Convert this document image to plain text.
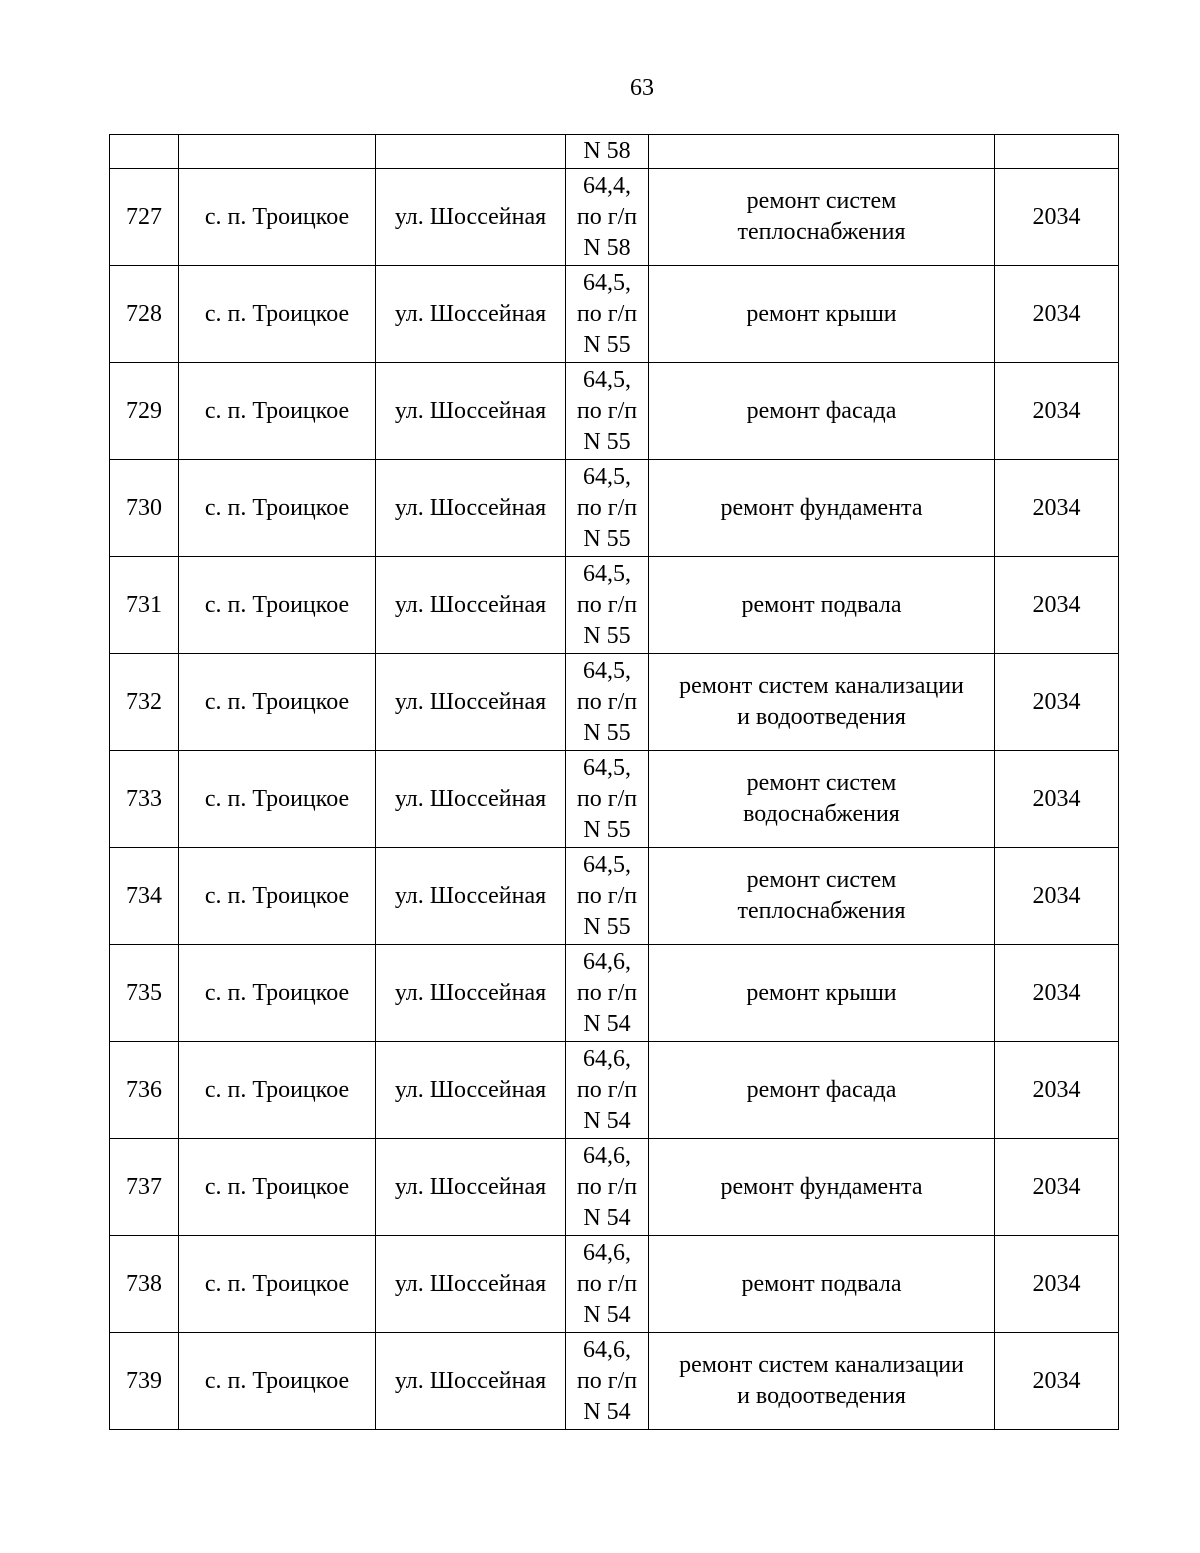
63
			N 58		
727	с. п. Троицкое	ул. Шоссейная	64,4,
по г/п
N 58	ремонт систем
теплоснабжения	2034
728	с. п. Троицкое	ул. Шоссейная	64,5,
по г/п
N 55	ремонт крыши	2034
729	с. п. Троицкое	ул. Шоссейная	64,5,
по г/п
N 55	ремонт фасада	2034
730	с. п. Троицкое	ул. Шоссейная	64,5,
по г/п
N 55	ремонт фундамента	2034
731	с. п. Троицкое	ул. Шоссейная	64,5,
по г/п
N 55	ремонт подвала	2034
732	с. п. Троицкое	ул. Шоссейная	64,5,
по г/п
N 55	ремонт систем канализации
и водоотведения	2034
733	с. п. Троицкое	ул. Шоссейная	64,5,
по г/п
N 55	ремонт систем
водоснабжения	2034
734	с. п. Троицкое	ул. Шоссейная	64,5,
по г/п
N 55	ремонт систем
теплоснабжения	2034
735	с. п. Троицкое	ул. Шоссейная	64,6,
по г/п
N 54	ремонт крыши	2034
736	с. п. Троицкое	ул. Шоссейная	64,6,
по г/п
N 54	ремонт фасада	2034
737	с. п. Троицкое	ул. Шоссейная	64,6,
по г/п
N 54	ремонт фундамента	2034
738	с. п. Троицкое	ул. Шоссейная	64,6,
по г/п
N 54	ремонт подвала	2034
739	с. п. Троицкое	ул. Шоссейная	64,6,
по г/п
N 54	ремонт систем канализации
и водоотведения	2034
